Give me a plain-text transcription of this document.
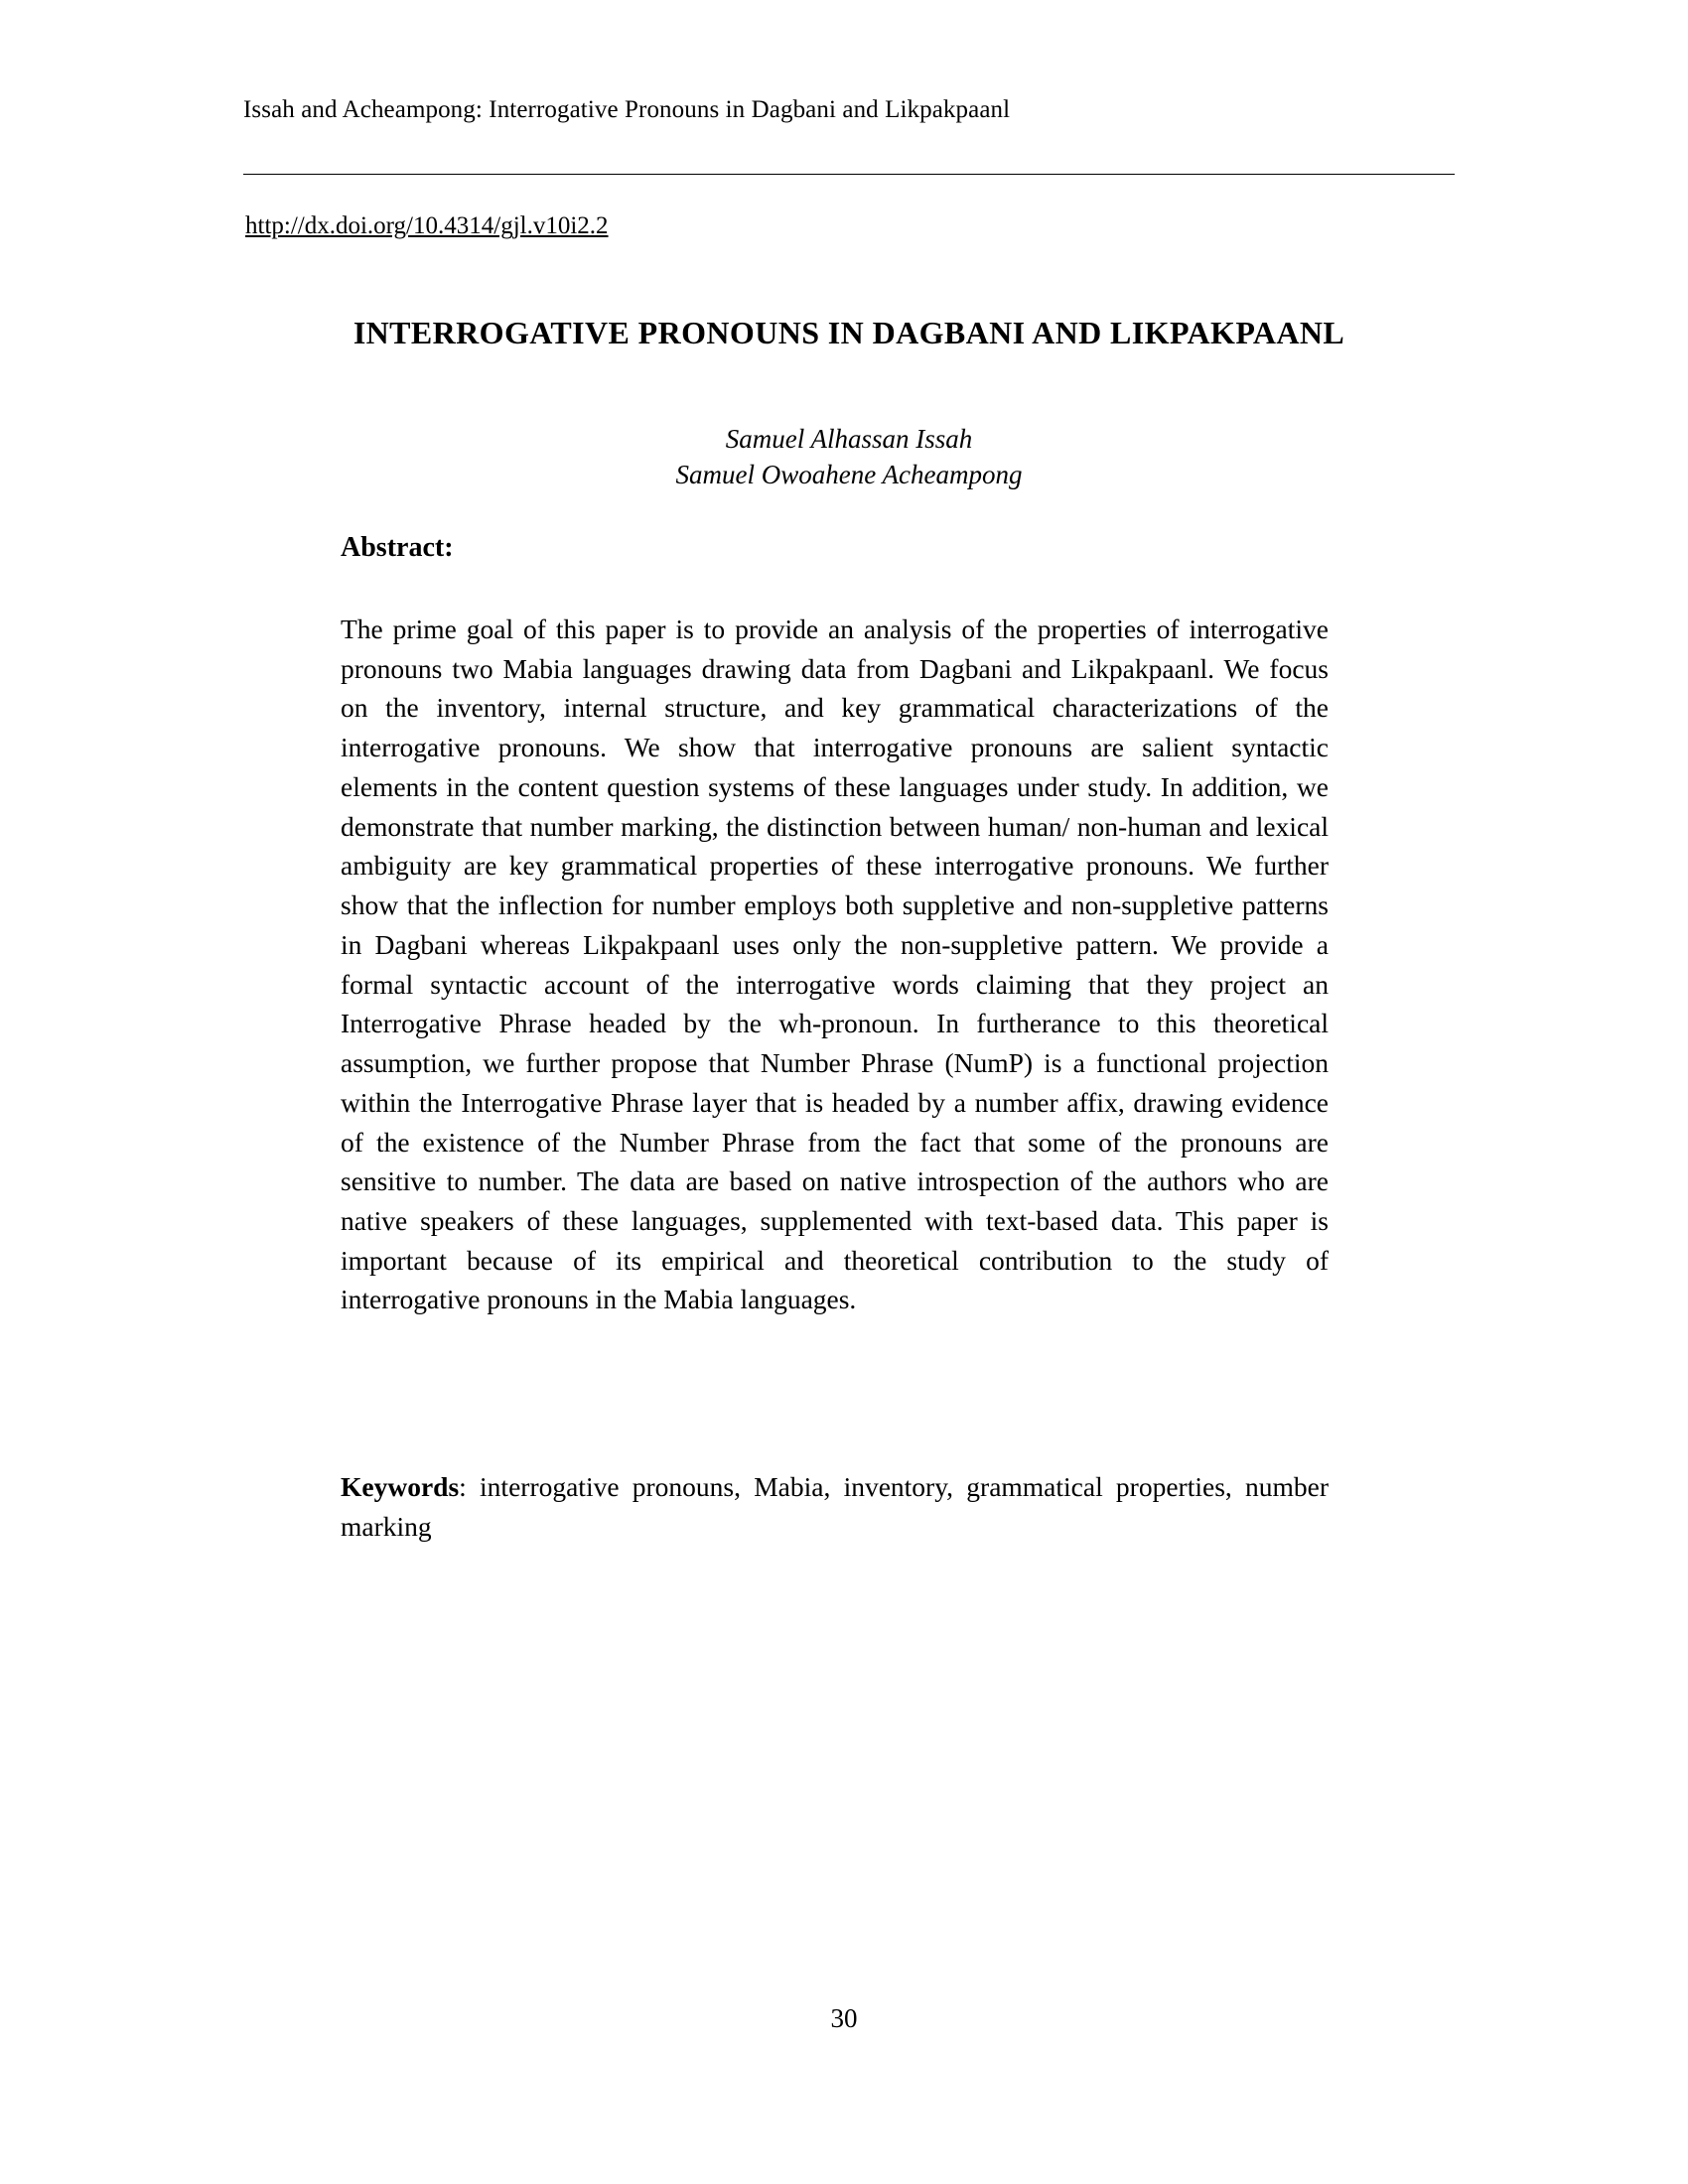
Issah and Acheampong: Interrogative Pronouns in Dagbani and Likpakpaanl
http://dx.doi.org/10.4314/gjl.v10i2.2
INTERROGATIVE PRONOUNS IN DAGBANI AND LIKPAKPAANL
Samuel Alhassan Issah
Samuel Owoahene Acheampong
Abstract:
The prime goal of this paper is to provide an analysis of the properties of interrogative pronouns two Mabia languages drawing data from Dagbani and Likpakpaanl. We focus on the inventory, internal structure, and key grammatical characterizations of the interrogative pronouns. We show that interrogative pronouns are salient syntactic elements in the content question systems of these languages under study. In addition, we demonstrate that number marking, the distinction between human/ non-human and lexical ambiguity are key grammatical properties of these interrogative pronouns. We further show that the inflection for number employs both suppletive and non-suppletive patterns in Dagbani whereas Likpakpaanl uses only the non-suppletive pattern. We provide a formal syntactic account of the interrogative words claiming that they project an Interrogative Phrase headed by the wh-pronoun. In furtherance to this theoretical assumption, we further propose that Number Phrase (NumP) is a functional projection within the Interrogative Phrase layer that is headed by a number affix, drawing evidence of the existence of the Number Phrase from the fact that some of the pronouns are sensitive to number. The data are based on native introspection of the authors who are native speakers of these languages, supplemented with text-based data. This paper is important because of its empirical and theoretical contribution to the study of interrogative pronouns in the Mabia languages.
Keywords: interrogative pronouns, Mabia, inventory, grammatical properties, number marking
30
